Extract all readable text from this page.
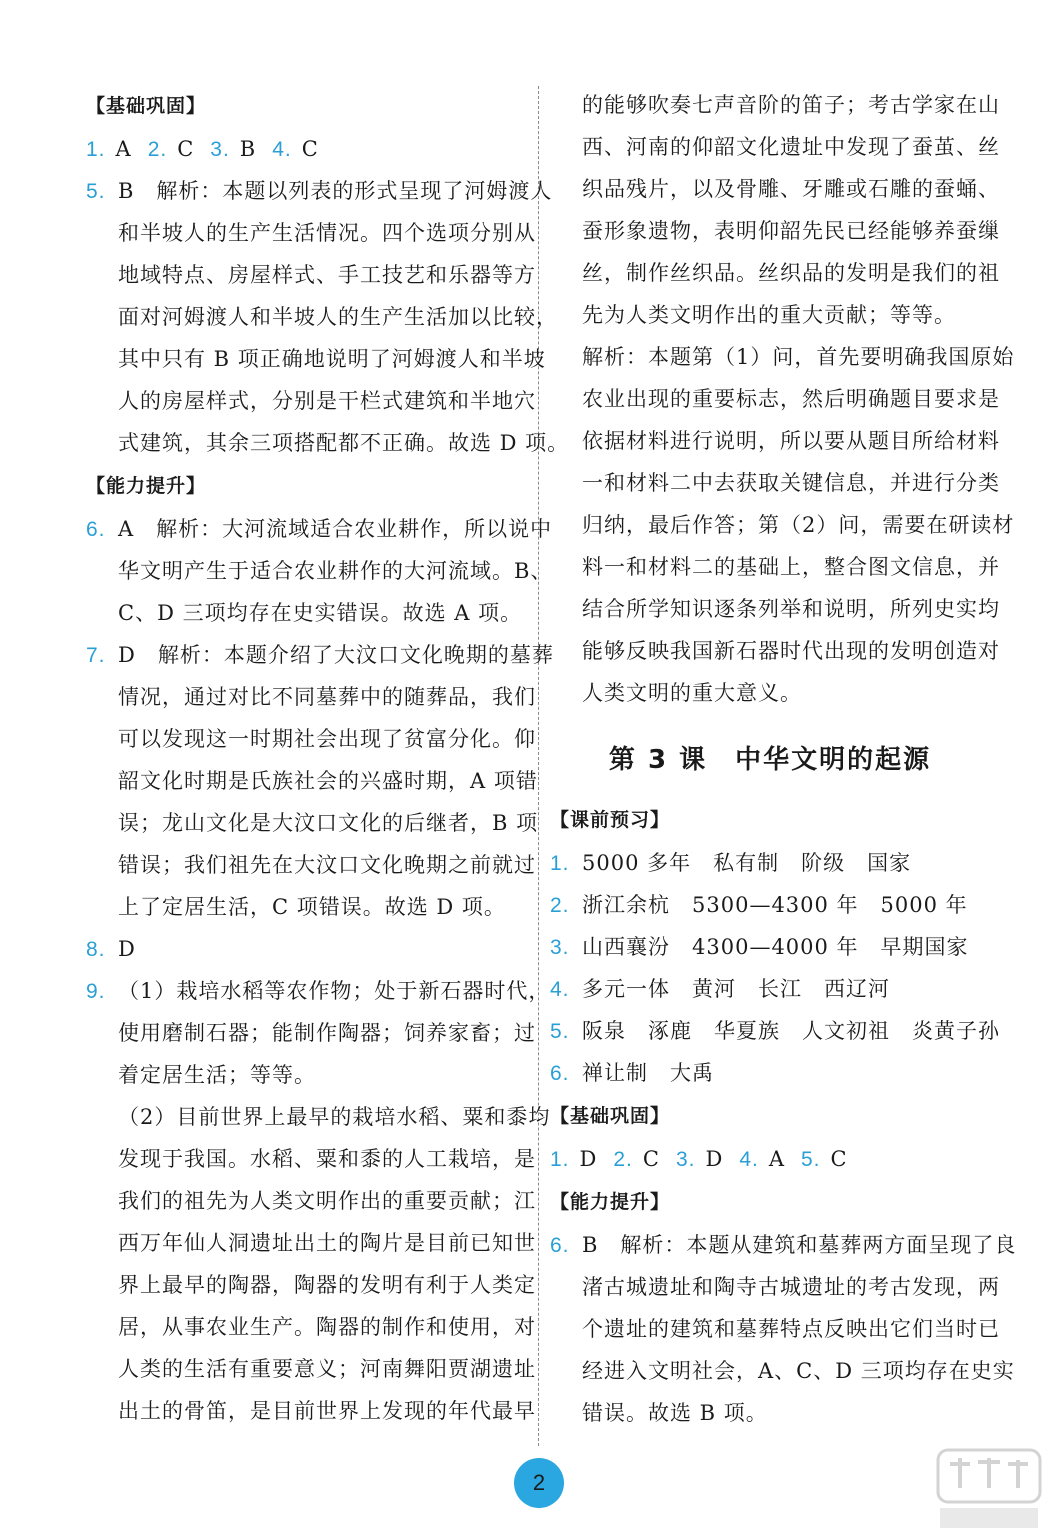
【基础巩固】
1. A 2. C 3. B 4. C
5. B　解析：本题以列表的形式呈现了河姆渡人
和半坡人的生产生活情况。四个选项分别从
地域特点、房屋样式、手工技艺和乐器等方
面对河姆渡人和半坡人的生产生活加以比较，
其中只有 B 项正确地说明了河姆渡人和半坡
人的房屋样式，分别是干栏式建筑和半地穴
式建筑，其余三项搭配都不正确。故选 D 项。
【能力提升】
6. A　解析：大河流域适合农业耕作，所以说中
华文明产生于适合农业耕作的大河流域。B、
C、D 三项均存在史实错误。故选 A 项。
7. D　解析：本题介绍了大汶口文化晚期的墓葬
情况，通过对比不同墓葬中的随葬品，我们
可以发现这一时期社会出现了贫富分化。仰
韶文化时期是氏族社会的兴盛时期，A 项错
误；龙山文化是大汶口文化的后继者，B 项
错误；我们祖先在大汶口文化晚期之前就过
上了定居生活，C 项错误。故选 D 项。
8. D
9. （1）栽培水稻等农作物；处于新石器时代，
使用磨制石器；能制作陶器；饲养家畜；过
着定居生活；等等。
（2）目前世界上最早的栽培水稻、粟和黍均
发现于我国。水稻、粟和黍的人工栽培，是
我们的祖先为人类文明作出的重要贡献；江
西万年仙人洞遗址出土的陶片是目前已知世
界上最早的陶器，陶器的发明有利于人类定
居，从事农业生产。陶器的制作和使用，对
人类的生活有重要意义；河南舞阳贾湖遗址
出土的骨笛，是目前世界上发现的年代最早
的能够吹奏七声音阶的笛子；考古学家在山
西、河南的仰韶文化遗址中发现了蚕茧、丝
织品残片，以及骨雕、牙雕或石雕的蚕蛹、
蚕形象遗物，表明仰韶先民已经能够养蚕缫
丝，制作丝织品。丝织品的发明是我们的祖
先为人类文明作出的重大贡献；等等。
解析：本题第（1）问，首先要明确我国原始
农业出现的重要标志，然后明确题目要求是
依据材料进行说明，所以要从题目所给材料
一和材料二中去获取关键信息，并进行分类
归纳，最后作答；第（2）问，需要在研读材
料一和材料二的基础上，整合图文信息，并
结合所学知识逐条列举和说明，所列史实均
能够反映我国新石器时代出现的发明创造对
人类文明的重大意义。
第 3 课　中华文明的起源
【课前预习】
1. 5000 多年　私有制　阶级　国家
2. 浙江余杭　5300—4300 年　5000 年
3. 山西襄汾　4300—4000 年　早期国家
4. 多元一体　黄河　长江　西辽河
5. 阪泉　涿鹿　华夏族　人文初祖　炎黄子孙
6. 禅让制　大禹
【基础巩固】
1. D 2. C 3. D 4. A 5. C
【能力提升】
6. B　解析：本题从建筑和墓葬两方面呈现了良
渚古城遗址和陶寺古城遗址的考古发现，两
个遗址的建筑和墓葬特点反映出它们当时已
经进入文明社会，A、C、D 三项均存在史实
错误。故选 B 项。
2
